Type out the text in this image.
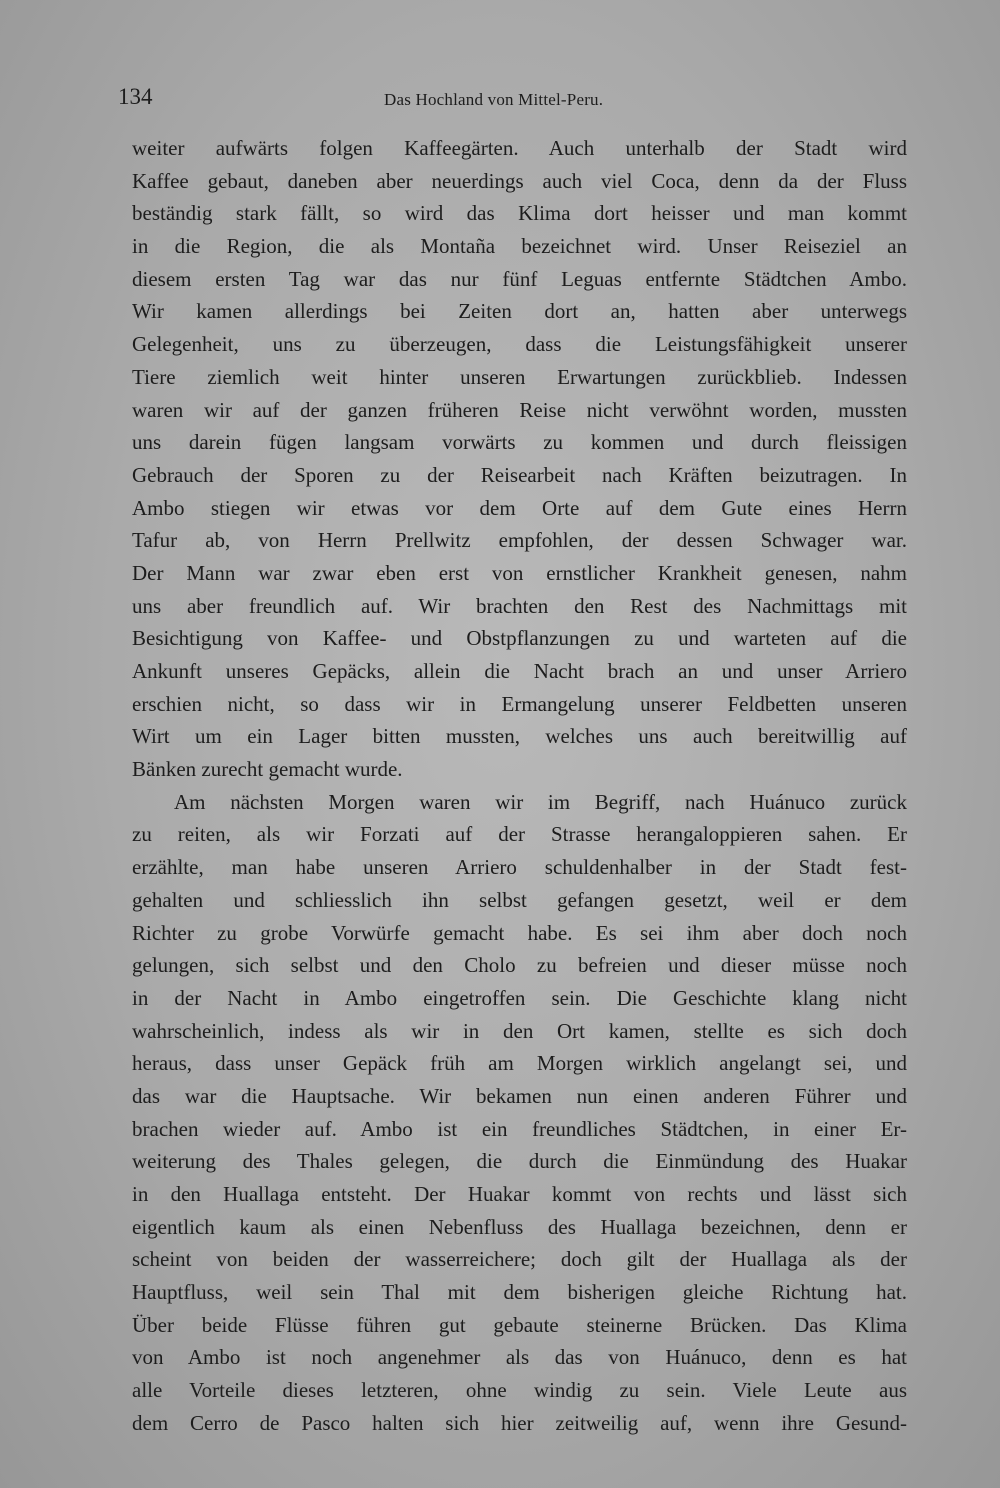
134	Das Hochland von Mittel-Peru.
weiter aufwärts folgen Kaffeegärten. Auch unterhalb der Stadt wird
Kaffee gebaut, daneben aber neuerdings auch viel Coca, denn da der Fluss
beständig stark fällt, so wird das Klima dort heisser und man kommt
in die Region, die als Montaña bezeichnet wird. Unser Reiseziel an
diesem ersten Tag war das nur fünf Leguas entfernte Städtchen Ambo.
Wir kamen allerdings bei Zeiten dort an, hatten aber unterwegs
Gelegenheit, uns zu überzeugen, dass die Leistungsfähigkeit unserer
Tiere ziemlich weit hinter unseren Erwartungen zurückblieb. Indessen
waren wir auf der ganzen früheren Reise nicht verwöhnt worden, mussten
uns darein fügen langsam vorwärts zu kommen und durch fleissigen
Gebrauch der Sporen zu der Reisearbeit nach Kräften beizutragen. In
Ambo stiegen wir etwas vor dem Orte auf dem Gute eines Herrn
Tafur ab, von Herrn Prellwitz empfohlen, der dessen Schwager war.
Der Mann war zwar eben erst von ernstlicher Krankheit genesen, nahm
uns aber freundlich auf. Wir brachten den Rest des Nachmittags mit
Besichtigung von Kaffee- und Obstpflanzungen zu und warteten auf die
Ankunft unseres Gepäcks, allein die Nacht brach an und unser Arriero
erschien nicht, so dass wir in Ermangelung unserer Feldbetten unseren
Wirt um ein Lager bitten mussten, welches uns auch bereitwillig auf
Bänken zurecht gemacht wurde.
Am nächsten Morgen waren wir im Begriff, nach Huánuco zurück
zu reiten, als wir Forzati auf der Strasse herangaloppieren sahen. Er
erzählte, man habe unseren Arriero schuldenhalber in der Stadt fest-
gehalten und schliesslich ihn selbst gefangen gesetzt, weil er dem
Richter zu grobe Vorwürfe gemacht habe. Es sei ihm aber doch noch
gelungen, sich selbst und den Cholo zu befreien und dieser müsse noch
in der Nacht in Ambo eingetroffen sein. Die Geschichte klang nicht
wahrscheinlich, indess als wir in den Ort kamen, stellte es sich doch
heraus, dass unser Gepäck früh am Morgen wirklich angelangt sei, und
das war die Hauptsache. Wir bekamen nun einen anderen Führer und
brachen wieder auf. Ambo ist ein freundliches Städtchen, in einer Er-
weiterung des Thales gelegen, die durch die Einmündung des Huakar
in den Huallaga entsteht. Der Huakar kommt von rechts und lässt sich
eigentlich kaum als einen Nebenfluss des Huallaga bezeichnen, denn er
scheint von beiden der wasserreichere; doch gilt der Huallaga als der
Hauptfluss, weil sein Thal mit dem bisherigen gleiche Richtung hat.
Über beide Flüsse führen gut gebaute steinerne Brücken. Das Klima
von Ambo ist noch angenehmer als das von Huánuco, denn es hat
alle Vorteile dieses letzteren, ohne windig zu sein. Viele Leute aus
dem Cerro de Pasco halten sich hier zeitweilig auf, wenn ihre Gesund-
